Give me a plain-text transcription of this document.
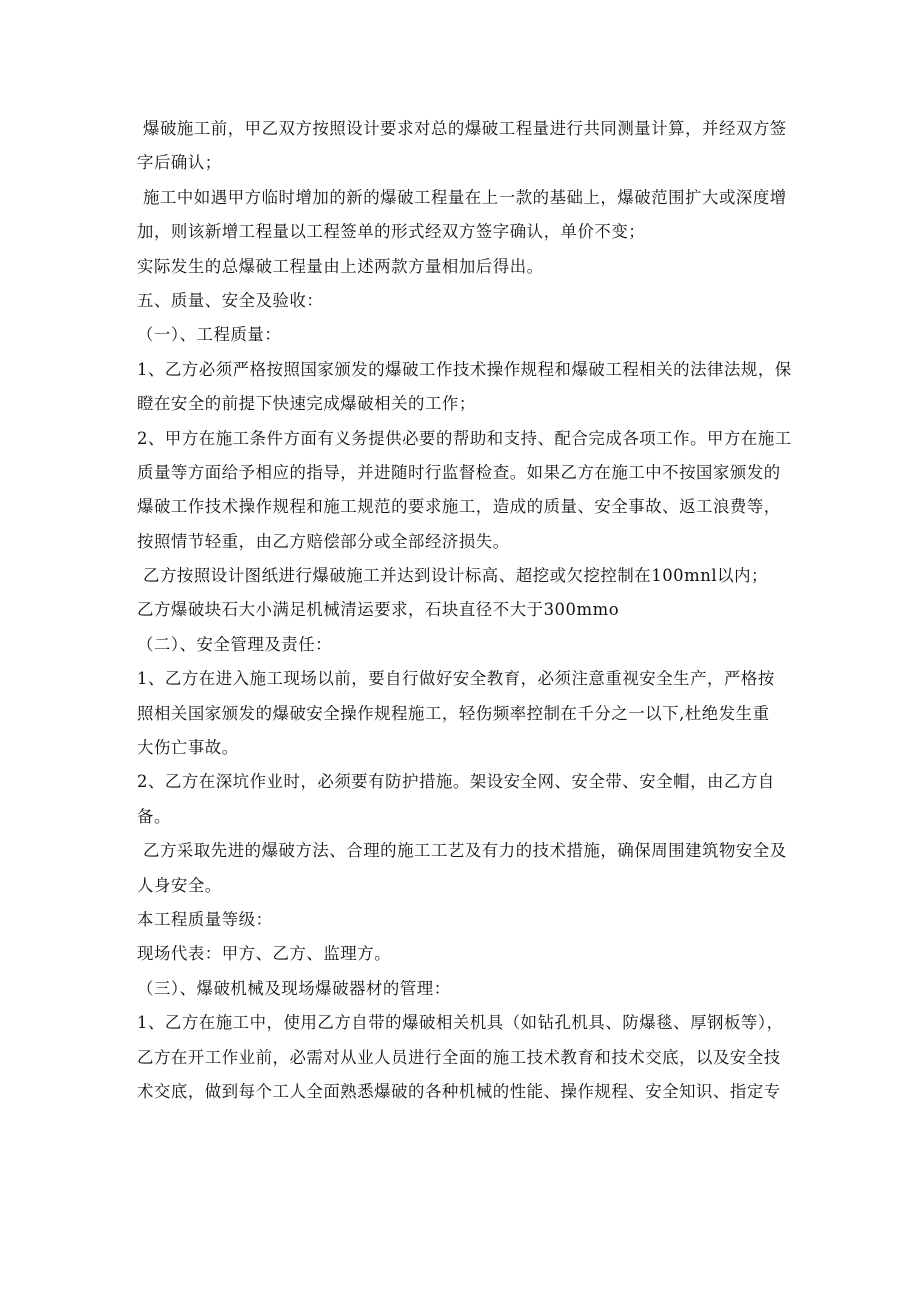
爆破施工前，甲乙双方按照设计要求对总的爆破工程量进行共同测量计算，并经双方签

字后确认；

施工中如遇甲方临时增加的新的爆破工程量在上一款的基础上，爆破范围扩大或深度增

加，则该新增工程量以工程签单的形式经双方签字确认，单价不变；

实际发生的总爆破工程量由上述两款方量相加后得出。

五、质量、安全及验收：

（一）、工程质量：

1、乙方必须严格按照国家颁发的爆破工作技术操作规程和爆破工程相关的法律法规，保

瞪在安全的前提下快速完成爆破相关的工作；

2、甲方在施工条件方面有义务提供必要的帮助和支持、配合完成各项工作。甲方在施工

质量等方面给予相应的指导，并进随时行监督检查。如果乙方在施工中不按国家颁发的

爆破工作技术操作规程和施工规范的要求施工，造成的质量、安全事故、返工浪费等，

按照情节轻重，由乙方赔偿部分或全部经济损失。

乙方按照设计图纸进行爆破施工并达到设计标高、超挖或欠挖控制在100mnl以内；

乙方爆破块石大小满足机械清运要求，石块直径不大于300mmo

（二）、安全管理及责任：

1、乙方在进入施工现场以前，要自行做好安全教育，必须注意重视安全生产，严格按

照相关国家颁发的爆破安全操作规程施工，轻伤频率控制在千分之一以下,杜绝发生重

大伤亡事故。

2、乙方在深坑作业时，必须要有防护措施。架设安全网、安全带、安全帽，由乙方自

备。

乙方采取先进的爆破方法、合理的施工工艺及有力的技术措施，确保周围建筑物安全及

人身安全。

本工程质量等级：

现场代表：甲方、乙方、监理方。

（三）、爆破机械及现场爆破器材的管理：

1、乙方在施工中，使用乙方自带的爆破相关机具（如钻孔机具、防爆毯、厚钢板等），

乙方在开工作业前，必需对从业人员进行全面的施工技术教育和技术交底，以及安全技

术交底，做到每个工人全面熟悉爆破的各种机械的性能、操作规程、安全知识、指定专
